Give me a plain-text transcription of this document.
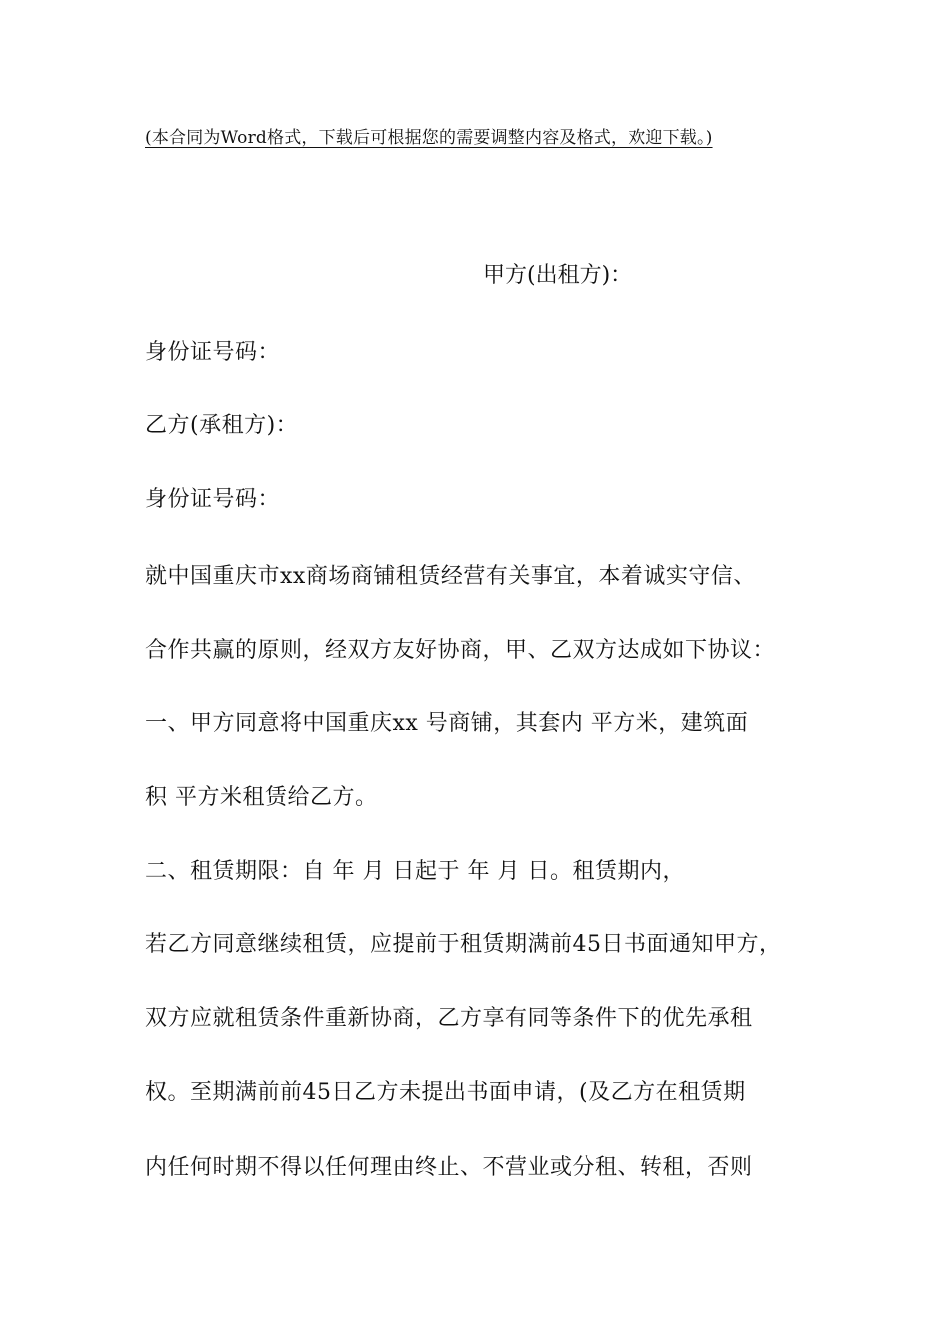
(本合同为Word格式，下载后可根据您的需要调整内容及格式，欢迎下载。)
甲方(出租方)：
身份证号码：
乙方(承租方)：
身份证号码：
就中国重庆市xx商场商铺租赁经营有关事宜，本着诚实守信、
合作共赢的原则，经双方友好协商，甲、乙双方达成如下协议：
一、甲方同意将中国重庆xx 号商铺，其套内 平方米，建筑面
积 平方米租赁给乙方。
二、租赁期限：自 年 月 日起于 年 月 日。租赁期内，
若乙方同意继续租赁，应提前于租赁期满前45日书面通知甲方，
双方应就租赁条件重新协商，乙方享有同等条件下的优先承租
权。至期满前前45日乙方未提出书面申请，(及乙方在租赁期
内任何时期不得以任何理由终止、不营业或分租、转租，否则
